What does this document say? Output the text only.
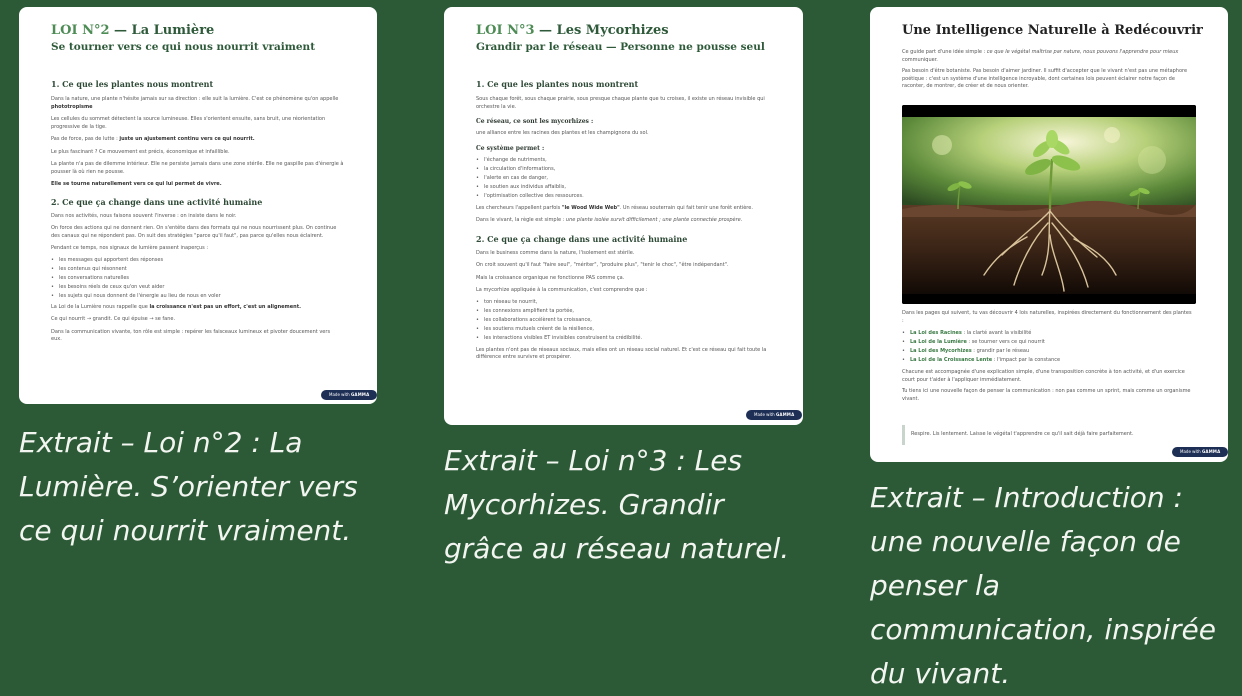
LOI N°2 — La Lumière
Se tourner vers ce qui nous nourrit vraiment
1. Ce que les plantes nous montrent
Dans la nature, une plante n'hésite jamais sur sa direction : elle suit la lumière. C'est ce phénomène qu'on appelle
phototropisme
Les cellules du sommet détectent la source lumineuse. Elles s'orientent ensuite, sans bruit, une réorientation
progressive de la tige.
Pas de force, pas de lutte : juste un ajustement continu vers ce qui nourrit.
Le plus fascinant ? Ce mouvement est précis, économique et infaillible.
La plante n'a pas de dilemme intérieur. Elle ne persiste jamais dans une zone stérile. Elle ne gaspille pas d'énergie à
pousser là où rien ne pousse.
Elle se tourne naturellement vers ce qui lui permet de vivre.
2. Ce que ça change dans une activité humaine
Dans nos activités, nous faisons souvent l'inverse : on insiste dans le noir.
On force des actions qui ne donnent rien. On s'entête dans des formats qui ne nous nourrissent plus. On continue
des canaux qui ne répondent pas. On suit des stratégies "parce qu'il faut", pas parce qu'elles nous éclairent.
Pendant ce temps, nos signaux de lumière passent inaperçus :
• les messages qui apportent des réponses
• les contenus qui résonnent
• les conversations naturelles
• les besoins réels de ceux qu'on veut aider
• les sujets qui nous donnent de l'énergie au lieu de nous en voler
La Loi de la Lumière nous rappelle que la croissance n'est pas un effort, c'est un alignement.
Ce qui nourrit → grandit. Ce qui épuise → se fane.
Dans la communication vivante, ton rôle est simple : repérer les faisceaux lumineux et pivoter doucement vers
eux.
Made with GAMMA
LOI N°3 — Les Mycorhizes
Grandir par le réseau — Personne ne pousse seul
1. Ce que les plantes nous montrent
Sous chaque forêt, sous chaque prairie, sous presque chaque plante que tu croises, il existe un réseau invisible qui
orchestre la vie.
Ce réseau, ce sont les mycorhizes :
une alliance entre les racines des plantes et les champignons du sol.
Ce système permet :
• l'échange de nutriments,
• la circulation d'informations,
• l'alerte en cas de danger,
• le soutien aux individus affaiblis,
• l'optimisation collective des ressources.
Les chercheurs l'appellent parfois "le Wood Wide Web". Un réseau souterrain qui fait tenir une forêt entière.
Dans le vivant, la règle est simple : une plante isolée survit difficilement ; une plante connectée prospère.
2. Ce que ça change dans une activité humaine
Dans le business comme dans la nature, l'isolement est stérile.
On croit souvent qu'il faut "faire seul", "mériter", "produire plus", "tenir le choc", "être indépendant".
Mais la croissance organique ne fonctionne PAS comme ça.
La mycorhize appliquée à la communication, c'est comprendre que :
• ton réseau te nourrit,
• les connexions amplifient ta portée,
• les collaborations accélèrent ta croissance,
• les soutiens mutuels créent de la résilience,
• les interactions visibles ET invisibles construisent ta crédibilité.
Les plantes n'ont pas de réseaux sociaux, mais elles ont un réseau social naturel. Et c'est ce réseau qui fait toute la
différence entre survivre et prospérer.
Made with GAMMA
Une Intelligence Naturelle à Redécouvrir
Ce guide part d'une idée simple : ce que le végétal maîtrise par nature, nous pouvons l'apprendre pour mieux
communiquer.
Pas besoin d'être botaniste. Pas besoin d'aimer jardiner. Il suffit d'accepter que le vivant n'est pas une métaphore
poétique : c'est un système d'une intelligence incroyable, dont certaines lois peuvent éclairer notre façon de
raconter, de montrer, de créer et de nous orienter.
Dans les pages qui suivent, tu vas découvrir 4 lois naturelles, inspirées directement du fonctionnement des plantes
:
• La Loi des Racines : la clarté avant la visibilité
• La Loi de la Lumière : se tourner vers ce qui nourrit
• La Loi des Mycorhizes : grandir par le réseau
• La Loi de la Croissance Lente : l'impact par la constance
Chacune est accompagnée d'une explication simple, d'une transposition concrète à ton activité, et d'un exercice
court pour t'aider à l'appliquer immédiatement.
Tu tiens ici une nouvelle façon de penser la communication : non pas comme un sprint, mais comme un organisme
vivant.
Respire. Lis lentement. Laisse le végétal t'apprendre ce qu'il sait déjà faire parfaitement.
Made with GAMMA
Extrait – Loi n°2 : La
Lumière. S’orienter vers
ce qui nourrit vraiment.
Extrait – Loi n°3 : Les
Mycorhizes. Grandir
grâce au réseau naturel.
Extrait – Introduction :
une nouvelle façon de
penser la
communication, inspirée
du vivant.
